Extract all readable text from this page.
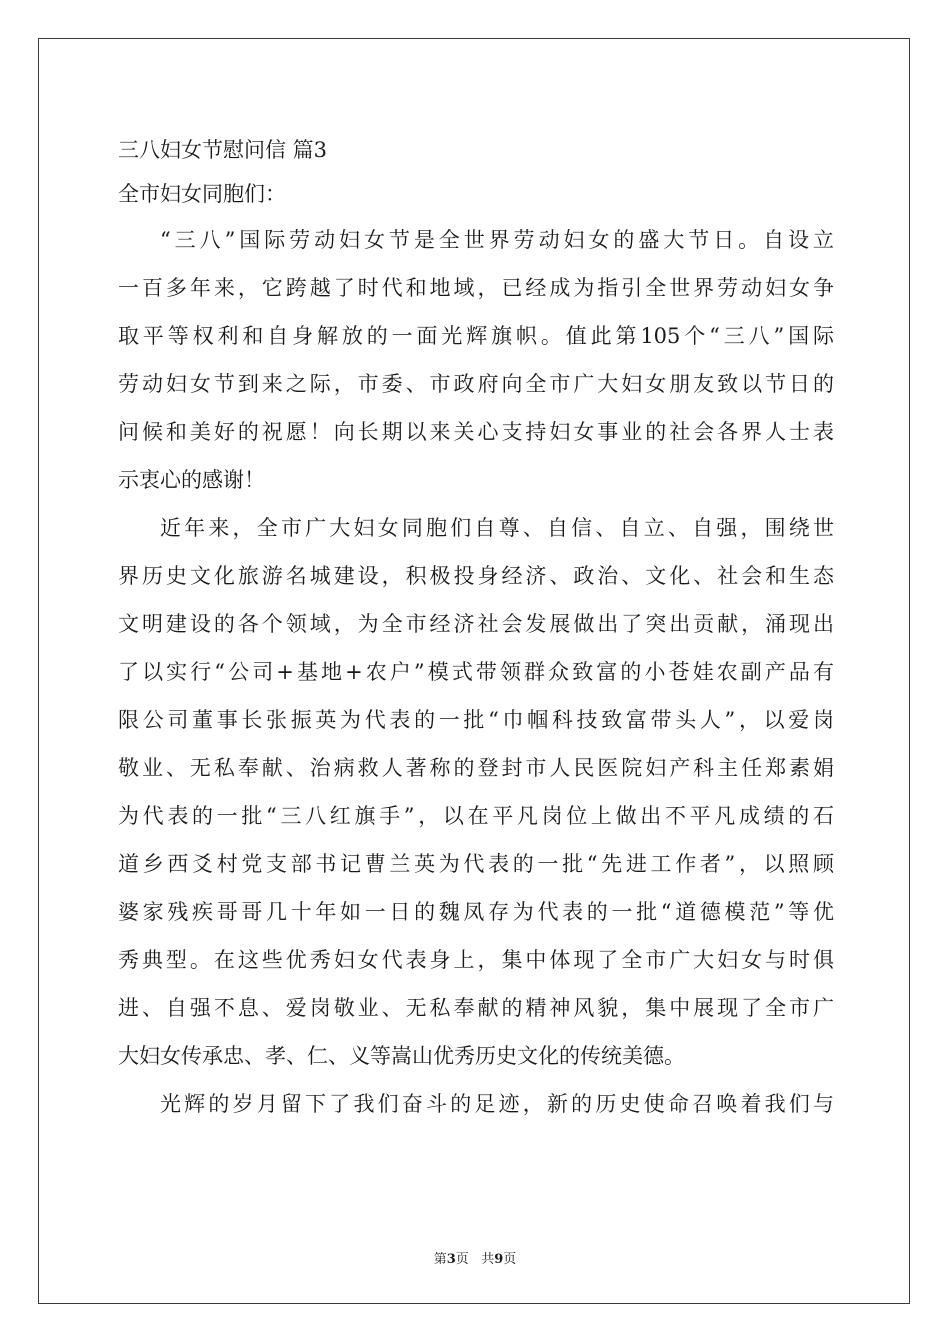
三八妇女节慰问信 篇3
全市妇女同胞们：
“三八”国际劳动妇女节是全世界劳动妇女的盛大节日。自设立
一百多年来，它跨越了时代和地域，已经成为指引全世界劳动妇女争
取平等权利和自身解放的一面光辉旗帜。值此第105个“三八”国际
劳动妇女节到来之际，市委、市政府向全市广大妇女朋友致以节日的
问候和美好的祝愿！向长期以来关心支持妇女事业的社会各界人士表
示衷心的感谢！
近年来，全市广大妇女同胞们自尊、自信、自立、自强，围绕世
界历史文化旅游名城建设，积极投身经济、政治、文化、社会和生态
文明建设的各个领域，为全市经济社会发展做出了突出贡献，涌现出
了以实行“公司+基地+农户”模式带领群众致富的小苍娃农副产品有
限公司董事长张振英为代表的一批“巾帼科技致富带头人”，以爱岗
敬业、无私奉献、治病救人著称的登封市人民医院妇产科主任郑素娟
为代表的一批“三八红旗手”，以在平凡岗位上做出不平凡成绩的石
道乡西爻村党支部书记曹兰英为代表的一批“先进工作者”，以照顾
婆家残疾哥哥几十年如一日的魏凤存为代表的一批“道德模范”等优
秀典型。在这些优秀妇女代表身上，集中体现了全市广大妇女与时俱
进、自强不息、爱岗敬业、无私奉献的精神风貌，集中展现了全市广
大妇女传承忠、孝、仁、义等嵩山优秀历史文化的传统美德。
光辉的岁月留下了我们奋斗的足迹，新的历史使命召唤着我们与
第3页   共9页
